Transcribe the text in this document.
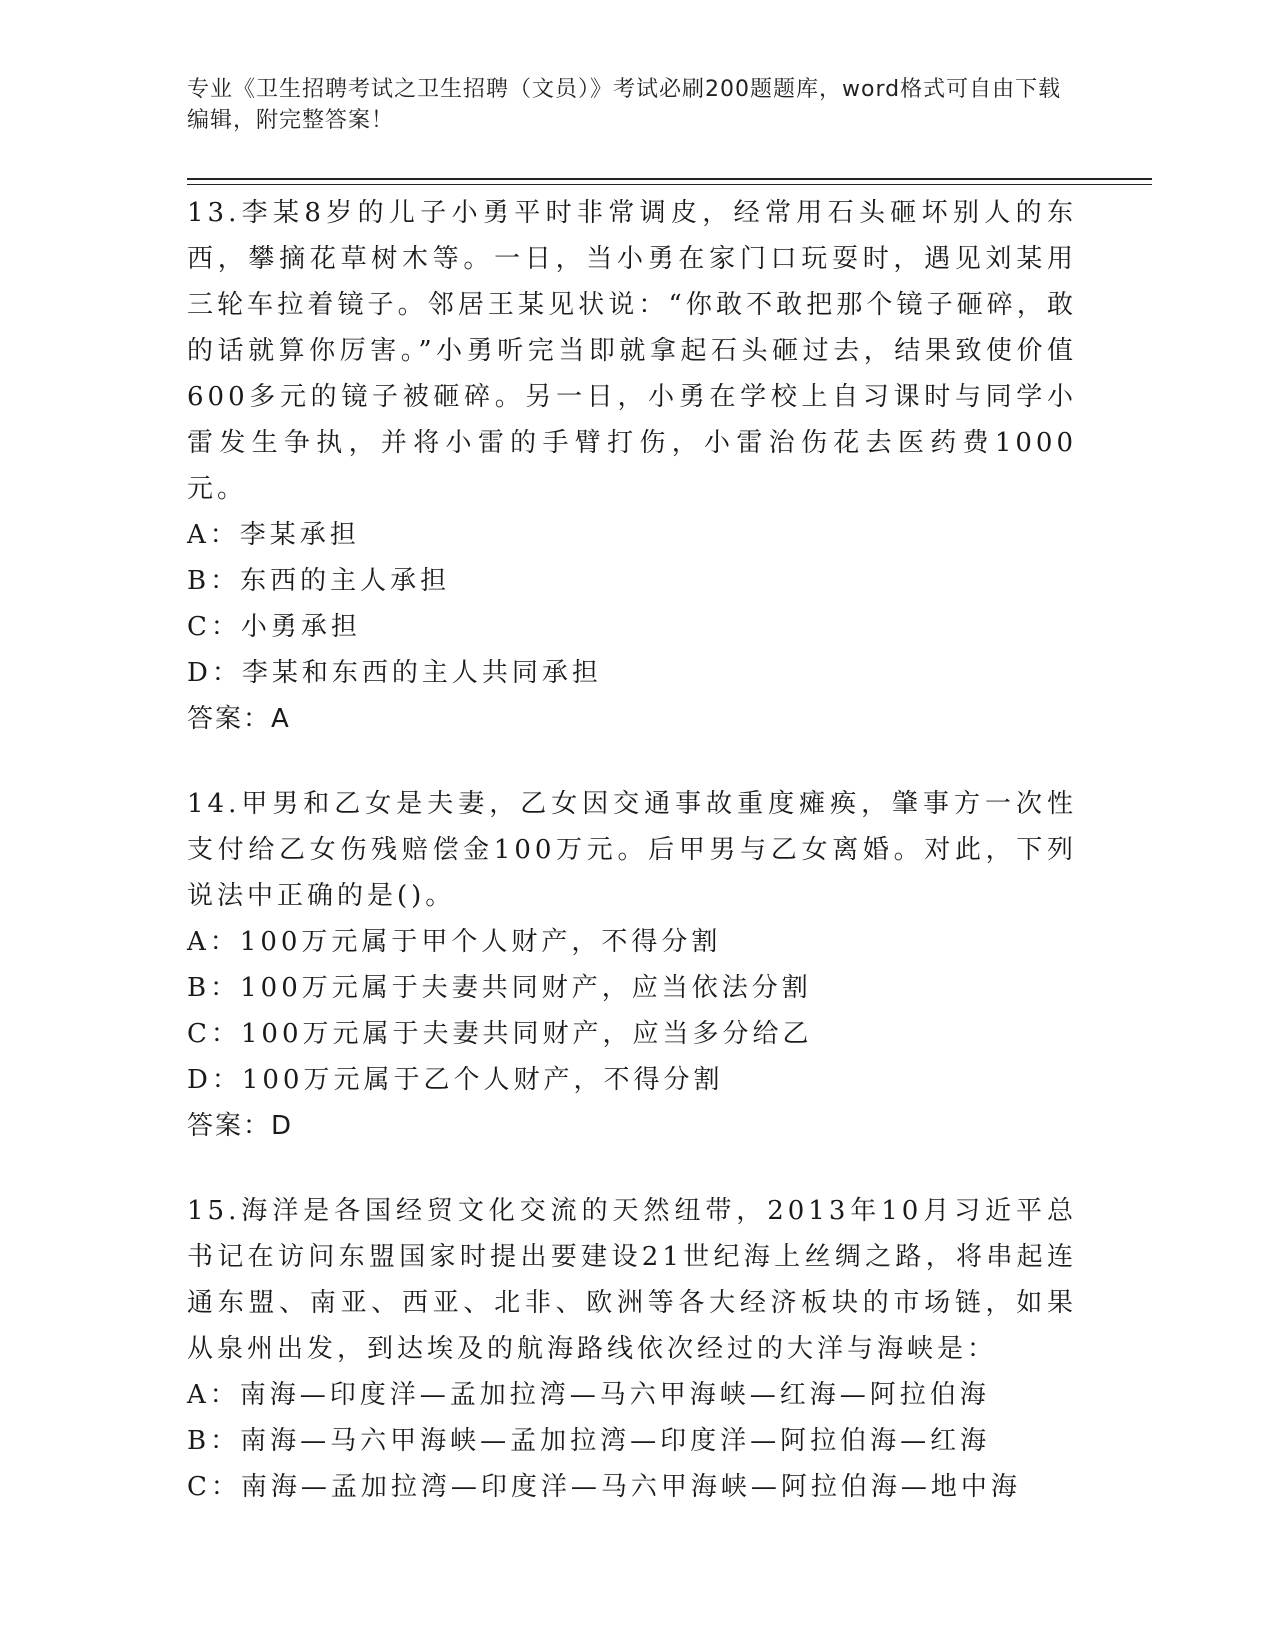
专业《卫生招聘考试之卫生招聘（文员）》考试必刷200题题库，word格式可自由下载编辑，附完整答案！

13.李某8岁的儿子小勇平时非常调皮，经常用石头砸坏别人的东西，攀摘花草树木等。一日，当小勇在家门口玩耍时，遇见刘某用三轮车拉着镜子。邻居王某见状说：“你敢不敢把那个镜子砸碎，敢的话就算你厉害。”小勇听完当即就拿起石头砸过去，结果致使价值600多元的镜子被砸碎。另一日，小勇在学校上自习课时与同学小雷发生争执，并将小雷的手臂打伤，小雷治伤花去医药费1000元。

A：李某承担

B：东西的主人承担

C：小勇承担

D：李某和东西的主人共同承担

答案：A

14.甲男和乙女是夫妻，乙女因交通事故重度瘫痪，肇事方一次性支付给乙女伤残赔偿金100万元。后甲男与乙女离婚。对此，下列说法中正确的是()。

A：100万元属于甲个人财产，不得分割

B：100万元属于夫妻共同财产，应当依法分割

C：100万元属于夫妻共同财产，应当多分给乙

D：100万元属于乙个人财产，不得分割

答案：D

15.海洋是各国经贸文化交流的天然纽带，2013年10月习近平总书记在访问东盟国家时提出要建设21世纪海上丝绸之路，将串起连通东盟、南亚、西亚、北非、欧洲等各大经济板块的市场链，如果从泉州出发，到达埃及的航海路线依次经过的大洋与海峡是：

A：南海—印度洋—孟加拉湾—马六甲海峡—红海—阿拉伯海

B：南海—马六甲海峡—孟加拉湾—印度洋—阿拉伯海—红海

C：南海—孟加拉湾—印度洋—马六甲海峡—阿拉伯海—地中海
